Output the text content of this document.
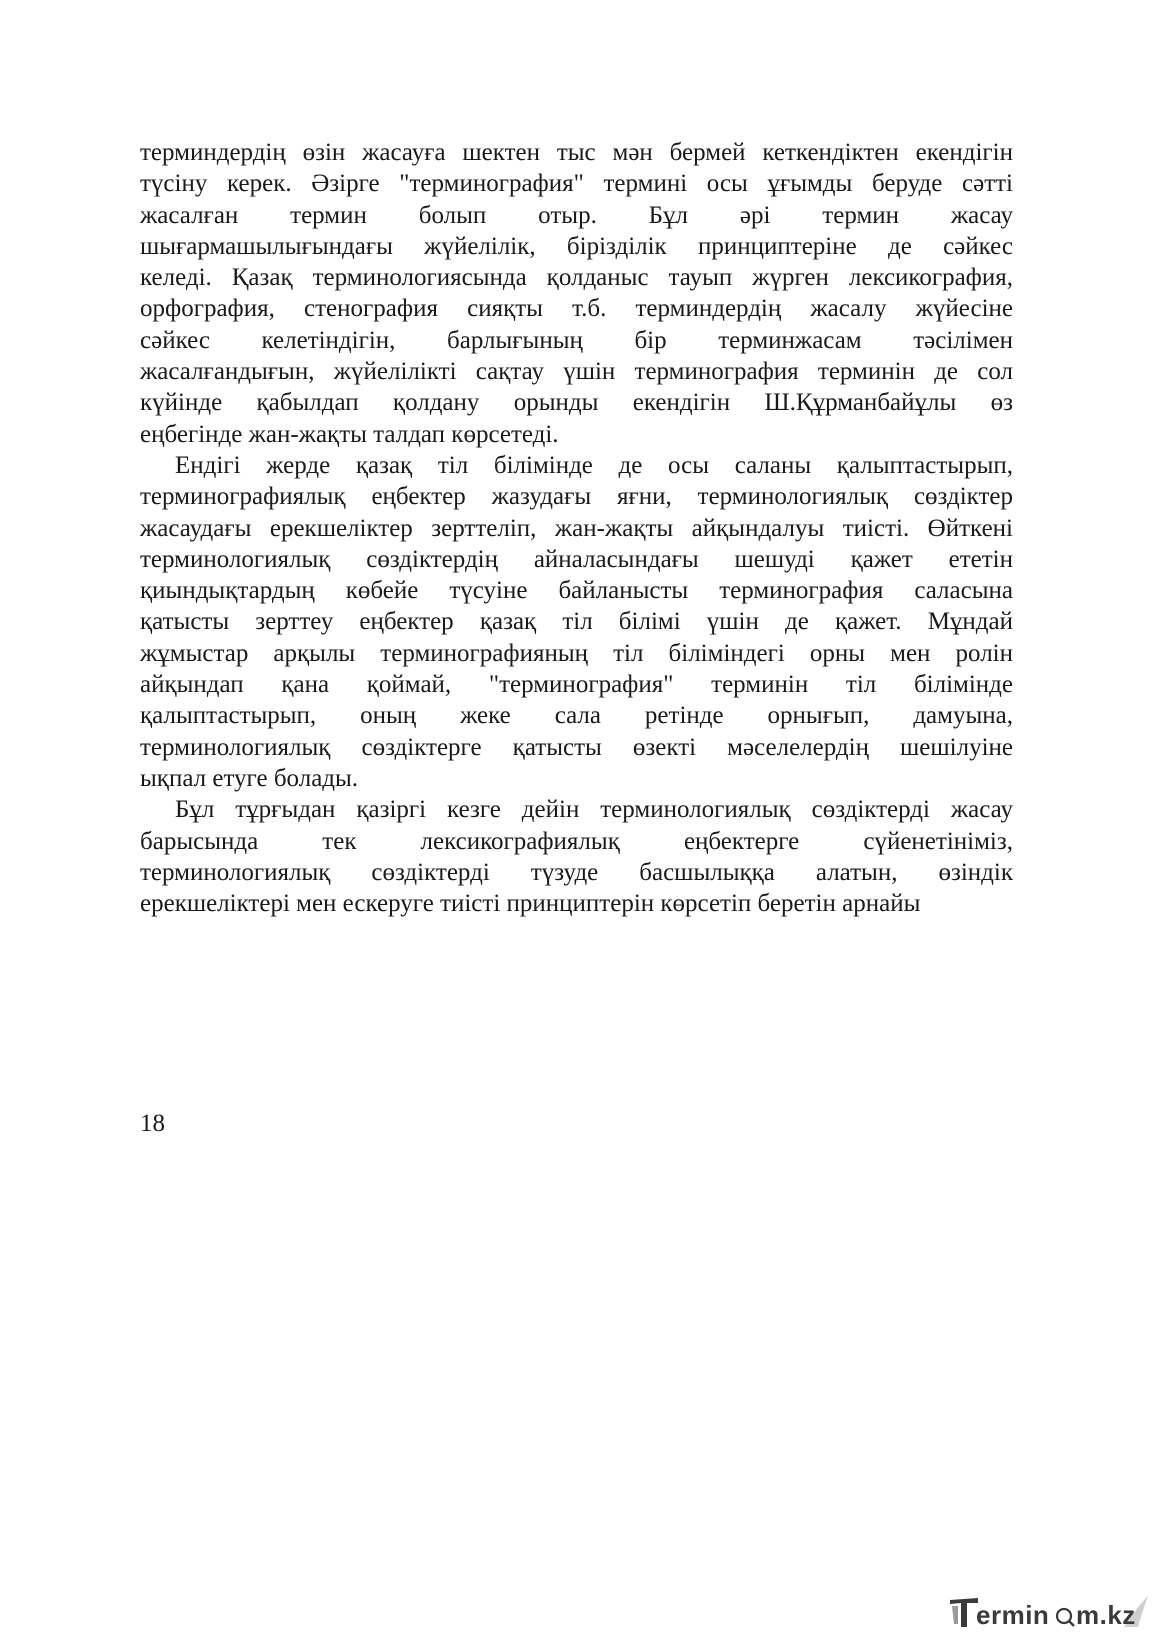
терминдердің өзін жасауға шектен тыс мән бермей кеткендіктен екендігін
түсіну керек. Әзірге "терминография" термині осы ұғымды беруде сәтті
жасалған термин болып отыр. Бұл әрі термин жасау
шығармашылығындағы жүйелілік, бірізділік принциптеріне де сәйкес
келеді. Қазақ терминологиясында қолданыс тауып жүрген лексикография,
орфография, стенография сияқты т.б. терминдердің жасалу жүйесіне
сәйкес келетіндігін, барлығының бір терминжасам тәсілімен
жасалғандығын, жүйелілікті сақтау үшін терминография терминін де сол
күйінде қабылдап қолдану орынды екендігін Ш.Құрманбайұлы өз
еңбегінде жан-жақты талдап көрсетеді.
Ендігі жерде қазақ тіл білімінде де осы саланы қалыптастырып,
терминографиялық еңбектер жазудағы яғни, терминологиялық сөздіктер
жасаудағы ерекшеліктер зерттеліп, жан-жақты айқындалуы тиісті. Өйткені
терминологиялық сөздіктердің айналасындағы шешуді қажет ететін
қиындықтардың көбейе түсуіне байланысты терминография саласына
қатысты зерттеу еңбектер қазақ тіл білімі үшін де қажет. Мұндай
жұмыстар арқылы терминографияның тіл біліміндегі орны мен ролін
айқындап қана қоймай, "терминография" терминін тіл білімінде
қалыптастырып, оның жеке сала ретінде орнығып, дамуына,
терминологиялық сөздіктерге қатысты өзекті мәселелердің шешілуіне
ықпал етуге болады.
Бұл тұрғыдан қазіргі кезге дейін терминологиялық сөздіктерді жасау
барысында тек лексикографиялық еңбектерге сүйенетініміз,
терминологиялық сөздіктерді түзуде басшылыққа алатын, өзіндік
ерекшеліктері мен ескеруге тиісті принциптерін көрсетіп беретін арнайы
18
ermin m.kz
